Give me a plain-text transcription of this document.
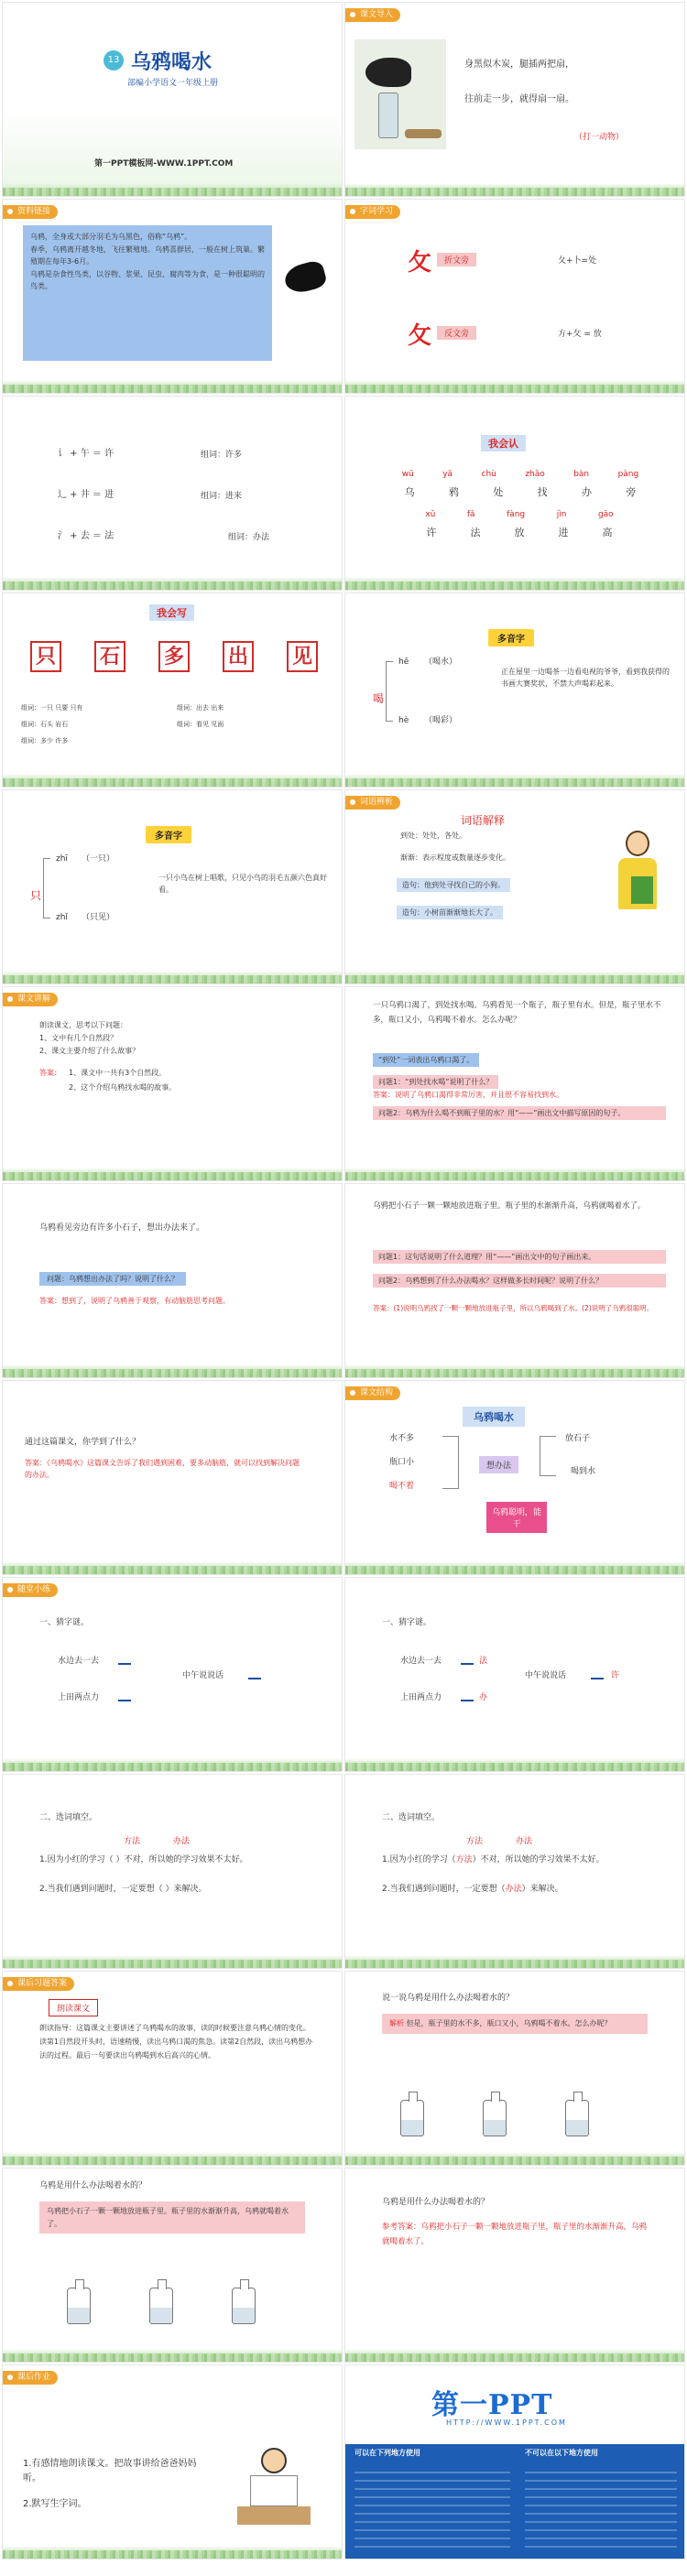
13 乌鸦喝水
部编小学语文一年级上册
第一PPT模板网-WWW.1PPT.COM
课文导入
身黑似木炭，腿插两把扇，
往前走一步，就得扇一扇。
（打一动物）
资料链接
乌鸦，全身或大部分羽毛为乌黑色，俗称“乌鸦”。
春季，乌鸦离开越冬地，飞往繁殖地。乌鸦喜群居，一般在树上筑巢。繁殖期在每年3-6月。
乌鸦是杂食性鸟类，以谷物、浆果、昆虫、腐肉等为食，是一种很聪明的鸟类。
字词学习
攵	折文旁	夂+卜=处
攵	反文旁	方+攵 = 放
讠 + 午 ＝ 许	组词：许多
辶 + 井 ＝ 进	组词：进来
氵 + 去 ＝ 法	组词：办法
我会认
wū	yā	chù	zhǎo	bàn	pàng
乌	鸦	处	找	办	旁
xǔ	fǎ	fàng	jìn	gāo
许	法	放	进	高
我会写
只 石 多 出 见
组词：一只 只要 只有
组词：石头 岩石
组词：多少 许多
组词：出去 出来
组词：看见 见面
多音字
喝
hē （喝水）
hè （喝彩）
正在屋里一边喝茶一边看电视的爷爷，看到我获得的书画大赛奖状，不禁大声喝彩起来。
多音字
只
zhī （一只）
zhǐ （只见）
一只小鸟在树上唱歌，只见小鸟的羽毛五颜六色真好看。
词语辨析
词语解释
到处：处处，各处。
渐渐：表示程度或数量逐步变化。
造句：他到处寻找自己的小狗。
造句：小树苗渐渐地长大了。
课文讲解
朗读课文，思考以下问题：
1、文中有几个自然段？
2、课文主要介绍了什么故事？
答案： 1、课文中一共有3个自然段。
2、这个介绍乌鸦找水喝的故事。
一只乌鸦口渴了，到处找水喝。乌鸦看见一个瓶子，瓶子里有水。但是，瓶子里水不多，瓶口又小，乌鸦喝不着水。怎么办呢？
“到处”一词表出乌鸦口渴了。
问题1：“到处找水喝”说明了什么？
答案：说明了乌鸦口渴得非常厉害，并且很不容易找到水。
问题2：乌鸦为什么喝不到瓶子里的水？用“——”画出文中描写原因的句子。
乌鸦看见旁边有许多小石子，想出办法来了。
问题：乌鸦想出办法了吗？说明了什么？
答案：想到了，说明了乌鸦善于观察，有动脑筋思考问题。
乌鸦把小石子一颗一颗地放进瓶子里。瓶子里的水渐渐升高，乌鸦就喝着水了。
问题1：这句话说明了什么道理？用“——”画出文中的句子画出来。
问题2：乌鸦想到了什么办法喝水？这样做多长时间呢？说明了什么？
答案：(1)说明乌鸦找了一颗一颗地放进瓶子里，所以乌鸦喝到了水。(2)说明了乌鸦很聪明。
通过这篇课文，你学到了什么？
答案：《乌鸦喝水》这篇课文告诉了我们遇到困难，要多动脑筋，就可以找到解决问题的办法。
课文结构
乌鸦喝水
水不多
瓶口小
喝不着
想办法
放石子
喝到水
乌鸦聪明，能干
随堂小练
一、猜字谜。
水边去一去
中午说说话
上田两点力
一、猜字谜。
水边去一去	法
中午说说话	许
上田两点力	办
二、选词填空。
方法	办法
1.因为小红的学习（ ）不对，所以她的学习效果不太好。
2.当我们遇到问题时，一定要想（ ）来解决。
二、选词填空。
方法	办法
1.因为小红的学习（方法）不对，所以她的学习效果不太好。
2.当我们遇到问题时，一定要想（办法）来解决。
课后习题答案
朗读课文
朗读指导：这篇课文主要讲述了乌鸦喝水的故事，读的时候要注意乌鸦心情的变化。读第1自然段开头时，语速稍慢，读出乌鸦口渴的焦急。读第2自然段，读出乌鸦想办法的过程。最后一句要读出乌鸦喝到水后高兴的心情。
说一说乌鸦是用什么办法喝着水的？
解析 但是，瓶子里的水不多，瓶口又小，乌鸦喝不着水。怎么办呢？
乌鸦是用什么办法喝着水的？
乌鸦把小石子一颗一颗地放进瓶子里。瓶子里的水渐渐升高，乌鸦就喝着水了。
乌鸦是用什么办法喝着水的？
参考答案：乌鸦把小石子一颗一颗地放进瓶子里，瓶子里的水渐渐升高，乌鸦就喝着水了。
课后作业
1.有感情地朗读课文。把故事讲给爸爸妈妈听。
2.默写生字词。
第一PPT
HTTP://WWW.1PPT.COM
可以在下列地方使用	不可以在以下地方使用
